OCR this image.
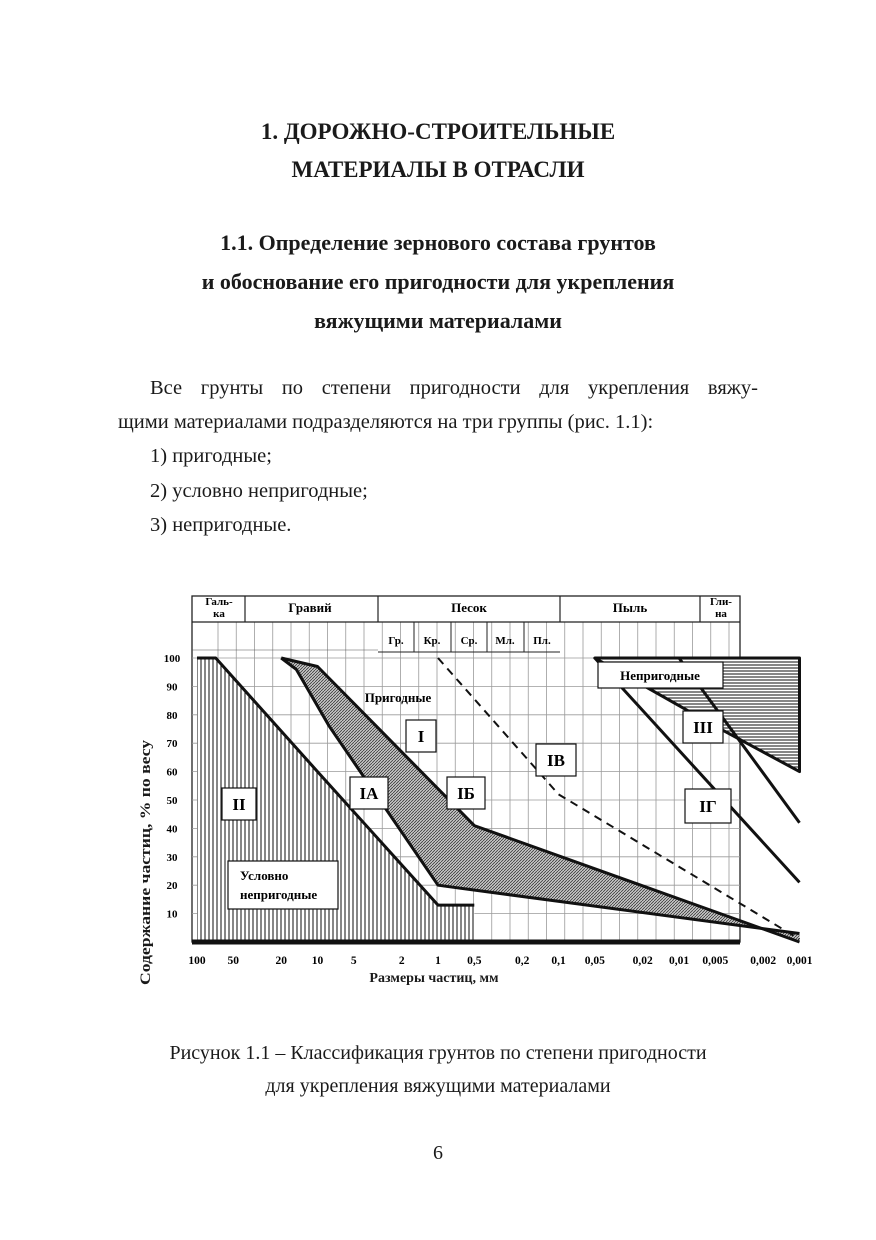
1. ДОРОЖНО-СТРОИТЕЛЬНЫЕ
МАТЕРИАЛЫ В ОТРАСЛИ
1.1. Определение зернового состава грунтов
и обоснование его пригодности для укрепления
вяжущими материалами
Все грунты по степени пригодности для укрепления вяжу-
щими материалами подразделяются на три группы (рис. 1.1):
1) пригодные;
2) условно непригодные;
3) непригодные.
Галь-
ка	Гравий	Песок	Пыль	Гли-
на
Гр. Кр. Ср. Мл. Пл.
Содержание частиц, % по весу 10
20
30
40
50
60
70
80
90
100
100 50	20 10 5	2	1 0,5	0,2 0,1 0,05 0,02 0,01 0,005 0,002 0,001
Размеры частиц, мм
I
IA	IБ
IB
IГ
II
III
Пригодные
Непригодные
Условно
непригодные
Рисунок 1.1 – Классификация грунтов по степени пригодности
для укрепления вяжущими материалами
6
